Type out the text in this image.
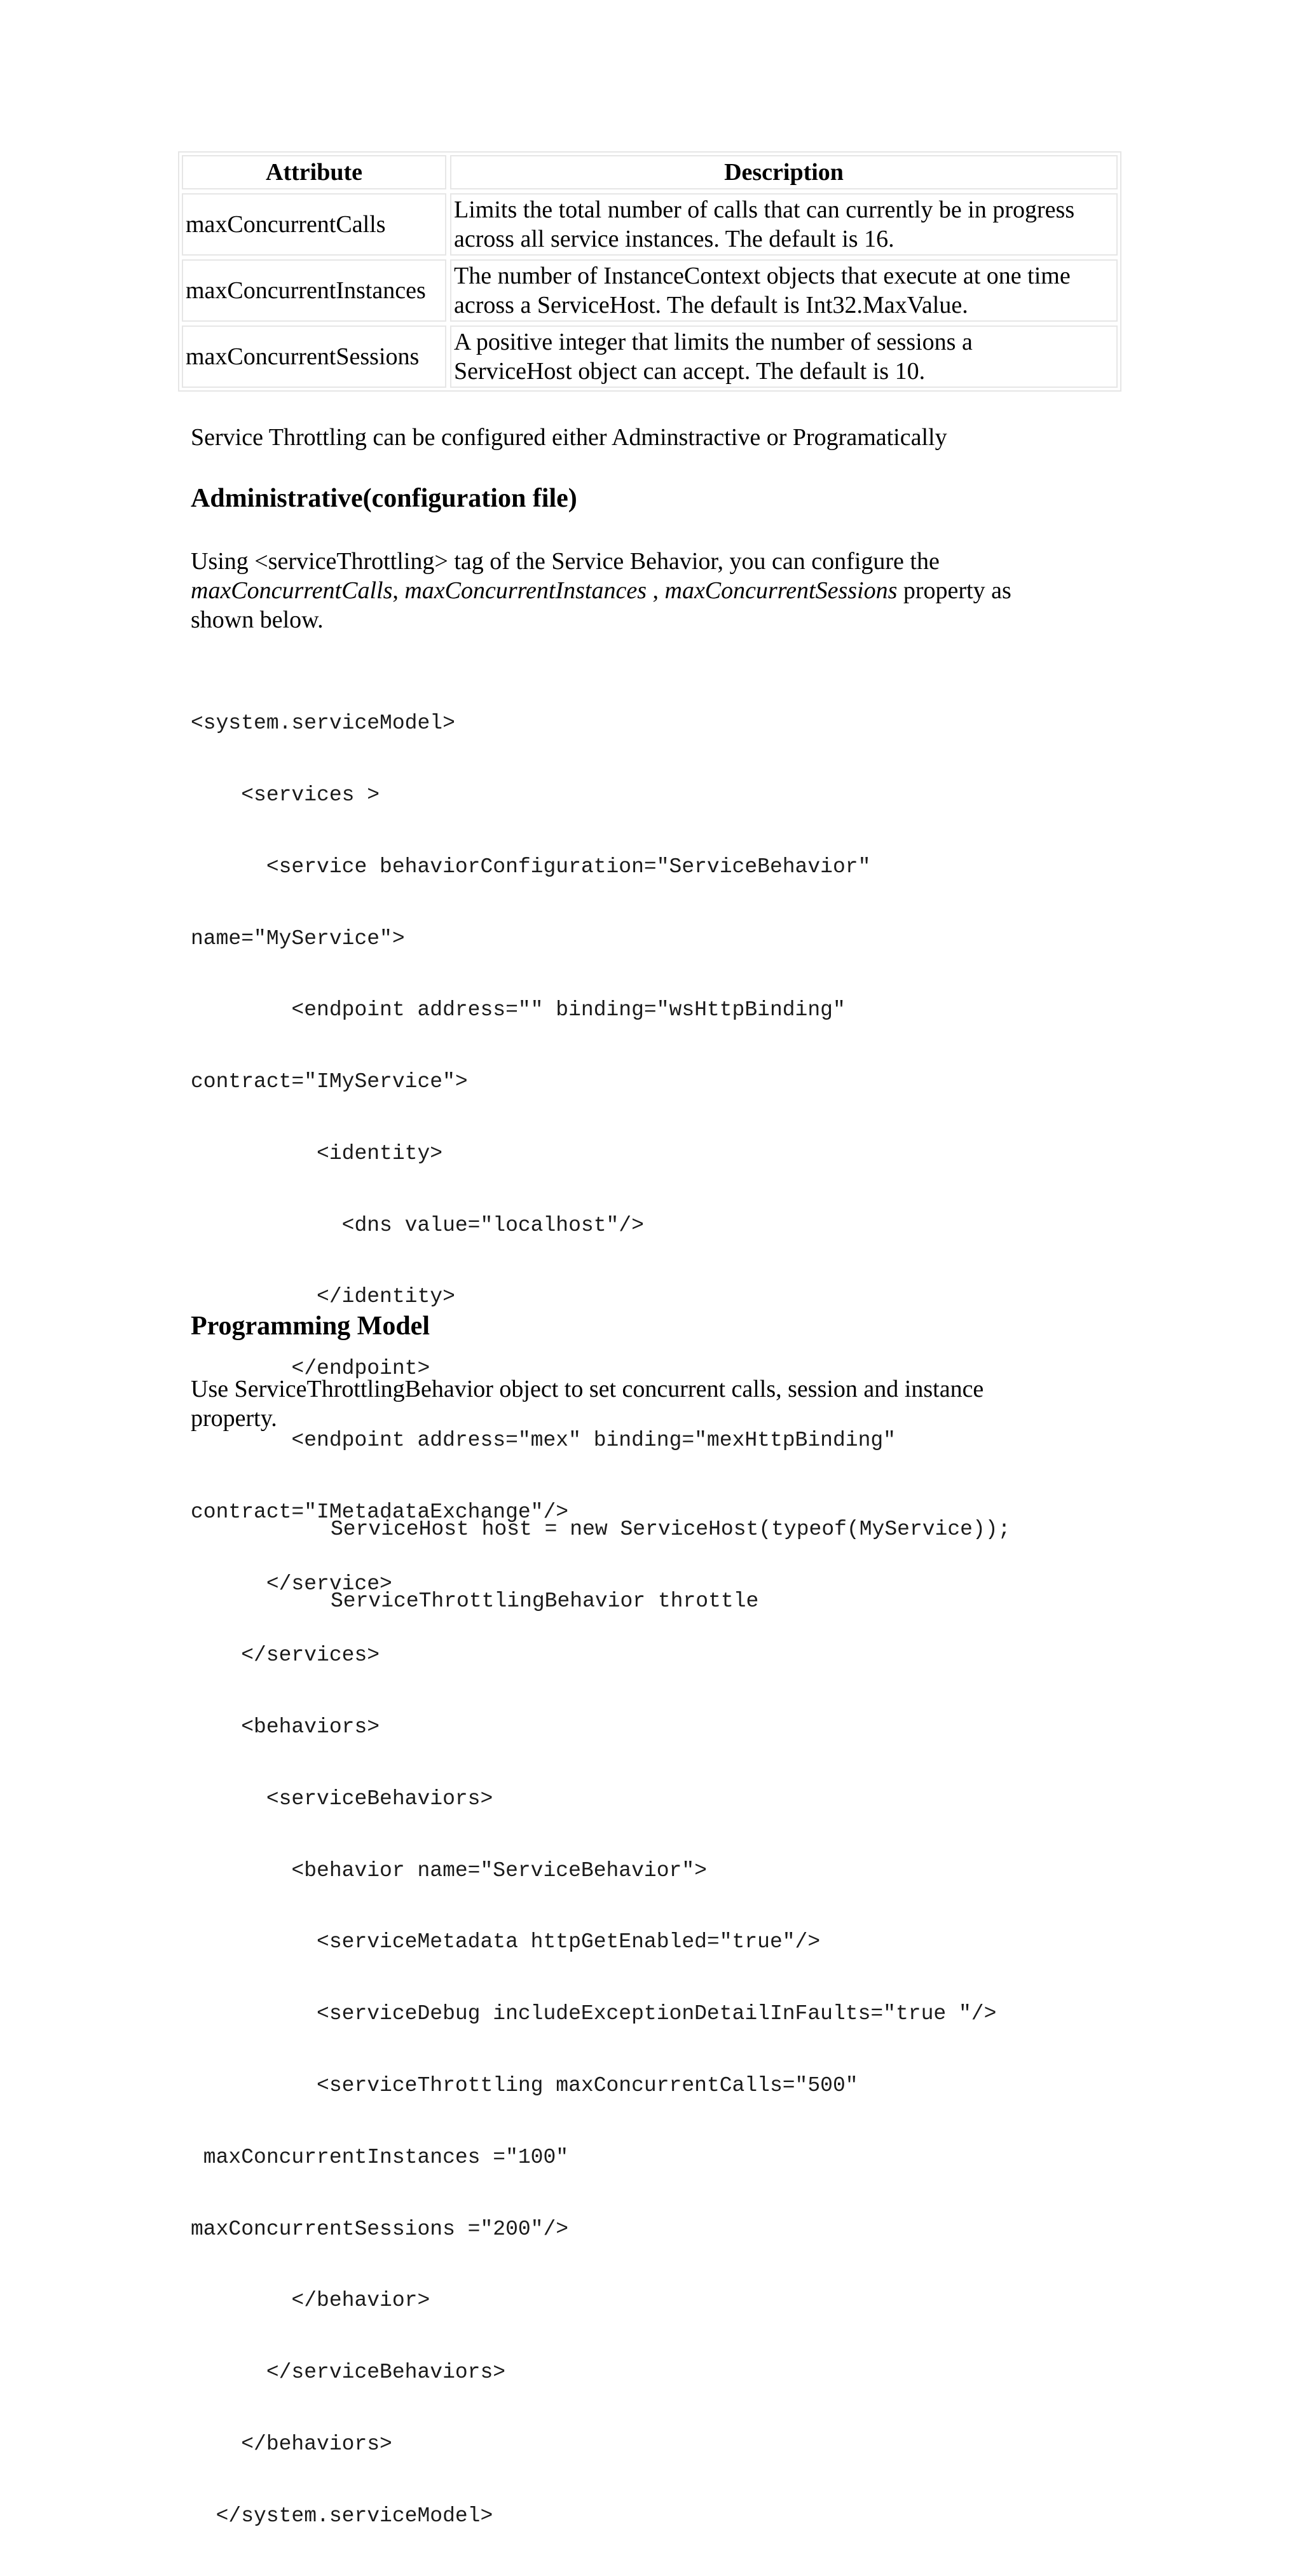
Attribute	Description
maxConcurrentCalls	Limits the total number of calls that can currently be in progress
across all service instances. The default is 16.
maxConcurrentInstances	The number of InstanceContext objects that execute at one time
across a ServiceHost. The default is Int32.MaxValue.
maxConcurrentSessions	A positive integer that limits the number of sessions a
ServiceHost object can accept. The default is 10.

Service Throttling can be configured either Adminstractive or Programatically

Administrative(configuration file)
Using <serviceThrottling> tag of the Service Behavior, you can configure the
maxConcurrentCalls, maxConcurrentInstances , maxConcurrentSessions property as
shown below.

<system.serviceModel>

<services >

<service behaviorConfiguration="ServiceBehavior"

name="MyService">

<endpoint address="" binding="wsHttpBinding"

contract="IMyService">

<identity>

<dns value="localhost"/>

</identity>

</endpoint>

<endpoint address="mex" binding="mexHttpBinding"

contract="IMetadataExchange"/>

</service>

</services>

<behaviors>

<serviceBehaviors>

<behavior name="ServiceBehavior">

<serviceMetadata httpGetEnabled="true"/>

<serviceDebug includeExceptionDetailInFaults="true "/>

<serviceThrottling maxConcurrentCalls="500"

maxConcurrentInstances ="100"

maxConcurrentSessions ="200"/>

</behavior>

</serviceBehaviors>

</behaviors>

</system.serviceModel>

Programming Model
Use ServiceThrottlingBehavior object to set concurrent calls, session and instance
property.

ServiceHost host = new ServiceHost(typeof(MyService));

ServiceThrottlingBehavior throttle
